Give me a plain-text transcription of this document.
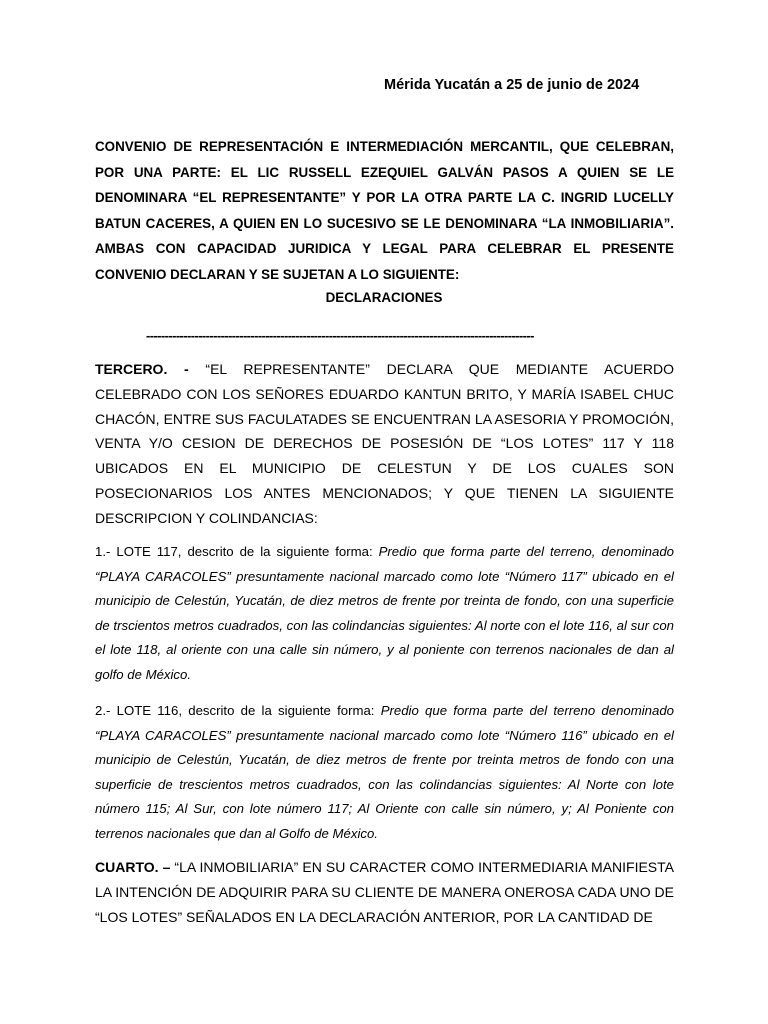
Mérida Yucatán a 25 de junio de 2024
CONVENIO DE REPRESENTACIÓN E INTERMEDIACIÓN MERCANTIL, QUE CELEBRAN, POR UNA PARTE: EL LIC RUSSELL EZEQUIEL GALVÁN PASOS A QUIEN SE LE DENOMINARA “EL REPRESENTANTE” Y POR LA OTRA PARTE LA C. INGRID LUCELLY BATUN CACERES, A QUIEN EN LO SUCESIVO SE LE DENOMINARA “LA INMOBILIARIA”. AMBAS CON CAPACIDAD JURIDICA Y LEGAL PARA CELEBRAR EL PRESENTE CONVENIO DECLARAN Y SE SUJETAN A LO SIGUIENTE:
DECLARACIONES
--------------------------------------------------------------------------------------------------------
TERCERO. - “EL REPRESENTANTE” DECLARA QUE MEDIANTE ACUERDO CELEBRADO CON LOS SEÑORES EDUARDO KANTUN BRITO, Y MARÍA ISABEL CHUC CHACÓN, ENTRE SUS FACULATADES SE ENCUENTRAN LA ASESORIA Y PROMOCIÓN, VENTA Y/O CESION DE DERECHOS DE POSESIÓN DE “LOS LOTES” 117 Y 118 UBICADOS EN EL MUNICIPIO DE CELESTUN Y DE LOS CUALES SON POSECIONARIOS LOS ANTES MENCIONADOS; Y QUE TIENEN LA SIGUIENTE DESCRIPCION Y COLINDANCIAS:
1.- LOTE 117, descrito de la siguiente forma: Predio que forma parte del terreno, denominado “PLAYA CARACOLES” presuntamente nacional marcado como lote “Número 117” ubicado en el municipio de Celestún, Yucatán, de diez metros de frente por treinta de fondo, con una superficie de trscientos metros cuadrados, con las colindancias siguientes: Al norte con el lote 116, al sur con el lote 118, al oriente con una calle sin número, y al poniente con terrenos nacionales de dan al golfo de México.
2.- LOTE 116, descrito de la siguiente forma: Predio que forma parte del terreno denominado “PLAYA CARACOLES” presuntamente nacional marcado como lote “Número 116” ubicado en el municipio de Celestún, Yucatán, de diez metros de frente por treinta metros de fondo con una superficie de trescientos metros cuadrados, con las colindancias siguientes: Al Norte con lote número 115; Al Sur, con lote número 117; Al Oriente con calle sin número, y; Al Poniente con terrenos nacionales que dan al Golfo de México.
CUARTO. – “LA INMOBILIARIA” EN SU CARACTER COMO INTERMEDIARIA MANIFIESTA LA INTENCIÓN DE ADQUIRIR PARA SU CLIENTE DE MANERA ONEROSA CADA UNO DE “LOS LOTES” SEÑALADOS EN LA DECLARACIÓN ANTERIOR, POR LA CANTIDAD DE
